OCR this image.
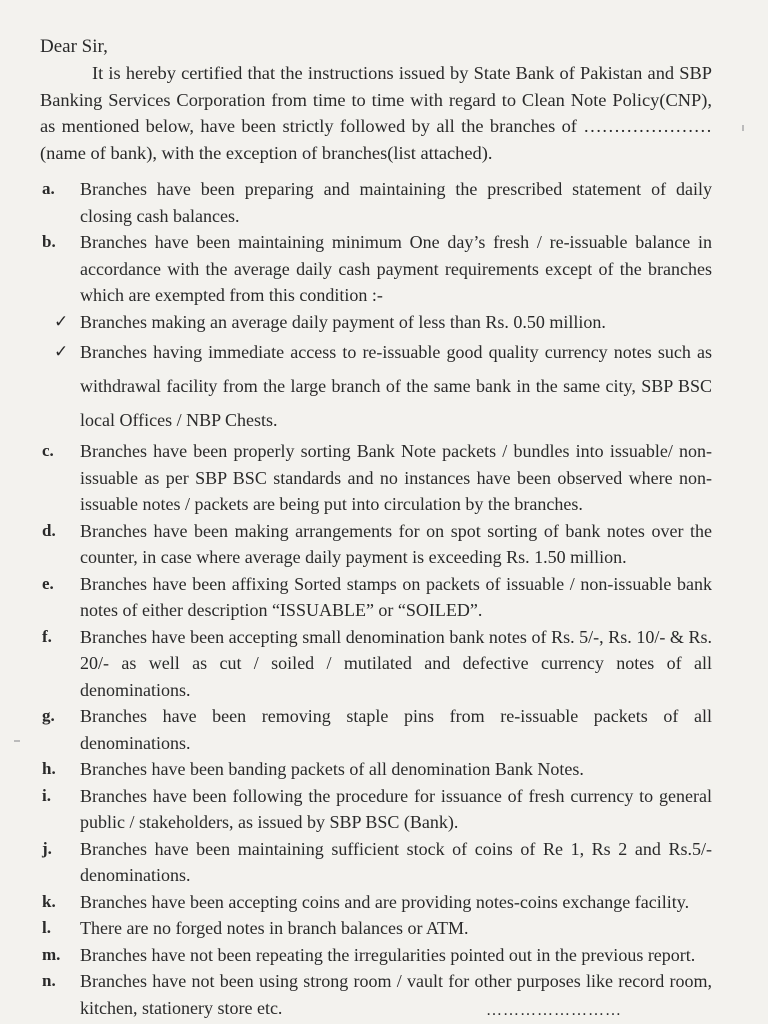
Dear Sir,
It is hereby certified that the instructions issued by State Bank of Pakistan and SBP Banking Services Corporation from time to time with regard to Clean Note Policy(CNP), as mentioned below, have been strictly followed by all the branches of …………………(name of bank), with the exception of branches(list attached).
a. Branches have been preparing and maintaining the prescribed statement of daily closing cash balances.
b. Branches have been maintaining minimum One day’s fresh / re-issuable balance in accordance with the average daily cash payment requirements except of the branches which are exempted from this condition :-
✓ Branches making an average daily payment of less than Rs. 0.50 million.
✓ Branches having immediate access to re-issuable good quality currency notes such as withdrawal facility from the large branch of the same bank in the same city, SBP BSC local Offices / NBP Chests.
c. Branches have been properly sorting Bank Note packets / bundles into issuable/ non-issuable as per SBP BSC standards and no instances have been observed where non-issuable notes / packets are being put into circulation by the branches.
d. Branches have been making arrangements for on spot sorting of bank notes over the counter, in case where average daily payment is exceeding Rs. 1.50 million.
e. Branches have been affixing Sorted stamps on packets of issuable / non-issuable bank notes of either description “ISSUABLE” or “SOILED”.
f. Branches have been accepting small denomination bank notes of Rs. 5/-, Rs. 10/- & Rs. 20/- as well as cut / soiled / mutilated and defective currency notes of all denominations.
g. Branches have been removing staple pins from re-issuable packets of all denominations.
h. Branches have been banding packets of all denomination Bank Notes.
i. Branches have been following the procedure for issuance of fresh currency to general public / stakeholders, as issued by SBP BSC (Bank).
j. Branches have been maintaining sufficient stock of coins of Re 1, Rs 2 and Rs.5/- denominations.
k. Branches have been accepting coins and are providing notes-coins exchange facility.
l. There are no forged notes in branch balances or ATM.
m. Branches have not been repeating the irregularities pointed out in the previous report.
n. Branches have not been using strong room / vault for other purposes like record room, kitchen, stationery store etc.	……………………
